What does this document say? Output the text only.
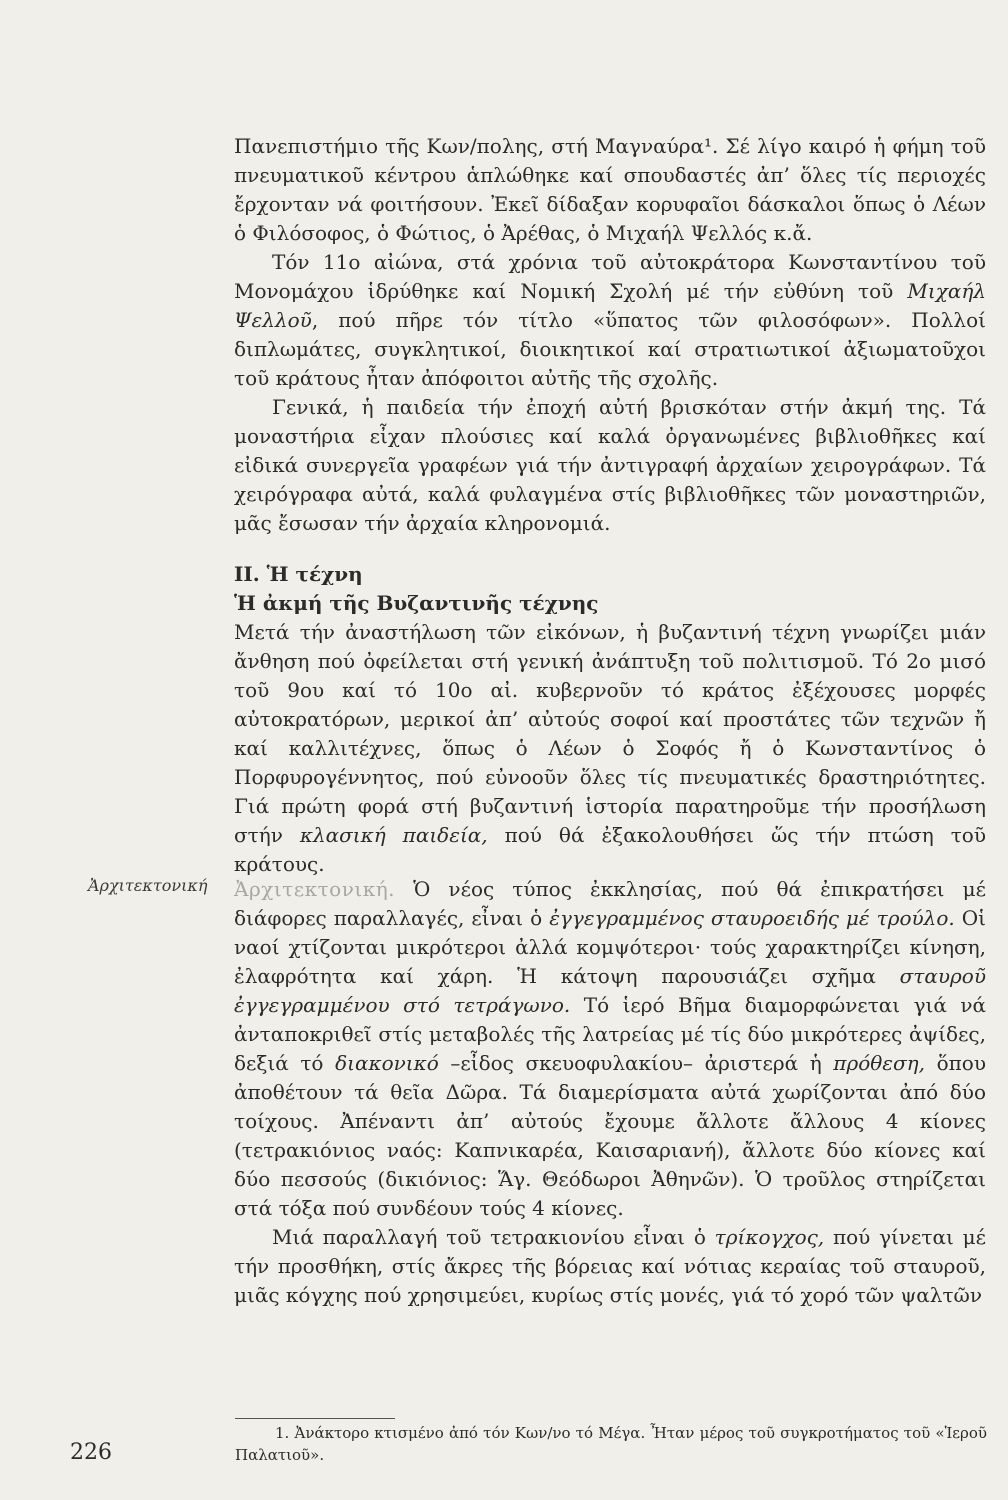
Πανεπιστήμιο τῆς Κων/πολης, στή Μαγναύρα¹. Σέ λίγο καιρό ἡ φήμη τοῦ πνευματικοῦ κέντρου ἁπλώθηκε καί σπουδαστές ἀπ’ ὅλες τίς περιοχές ἔρχονταν νά φοιτήσουν. Ἐκεῖ δίδαξαν κορυφαῖοι δάσκαλοι ὅπως ὁ Λέων ὁ Φιλόσοφος, ὁ Φώτιος, ὁ Ἀρέθας, ὁ Μιχαήλ Ψελλός κ.ἄ.

Τόν 11ο αἰώνα, στά χρόνια τοῦ αὐτοκράτορα Κωνσταντίνου τοῦ Μονομάχου ἱδρύθηκε καί Νομική Σχολή μέ τήν εὐθύνη τοῦ Μιχαήλ Ψελλοῦ, πού πῆρε τόν τίτλο «ὕπατος τῶν φιλοσόφων». Πολλοί διπλωμάτες, συγκλητικοί, διοικητικοί καί στρατιωτικοί ἀξιωματοῦχοι τοῦ κράτους ἦταν ἀπόφοιτοι αὐτῆς τῆς σχολῆς.

Γενικά, ἡ παιδεία τήν ἐποχή αὐτή βρισκόταν στήν ἀκμή της. Τά μοναστήρια εἶχαν πλούσιες καί καλά ὀργανωμένες βιβλιοθῆκες καί εἰδικά συνεργεῖα γραφέων γιά τήν ἀντιγραφή ἀρχαίων χειρογράφων. Τά χειρόγραφα αὐτά, καλά φυλαγμένα στίς βιβλιοθῆκες τῶν μοναστηριῶν, μᾶς ἔσωσαν τήν ἀρχαία κληρονομιά.

II. Ἡ τέχνη

Ἡ ἀκμή τῆς Βυζαντινῆς τέχνης

Μετά τήν ἀναστήλωση τῶν εἰκόνων, ἡ βυζαντινή τέχνη γνωρίζει μιάν ἄνθηση πού ὀφείλεται στή γενική ἀνάπτυξη τοῦ πολιτισμοῦ. Τό 2ο μισό τοῦ 9ου καί τό 10ο αἰ. κυβερνοῦν τό κράτος ἐξέχουσες μορφές αὐτοκρατόρων, μερικοί ἀπ’ αὐτούς σοφοί καί προστάτες τῶν τεχνῶν ἤ καί καλλιτέχνες, ὅπως ὁ Λέων ὁ Σοφός ἤ ὁ Κωνσταντίνος ὁ Πορφυρογέννητος, πού εὐνοοῦν ὅλες τίς πνευματικές δραστηριότητες. Γιά πρώτη φορά στή βυζαντινή ἱστορία παρατηροῦμε τήν προσήλωση στήν κλασική παιδεία, πού θά ἐξακολουθήσει ὥς τήν πτώση τοῦ κράτους.

Ἀρχιτεκτονική Ἀρχιτεκτονική. Ὁ νέος τύπος ἐκκλησίας, πού θά ἐπικρατήσει μέ διάφορες παραλλαγές, εἶναι ὁ ἐγγεγραμμένος σταυροειδής μέ τρούλο. Οἱ ναοί χτίζονται μικρότεροι ἀλλά κομψότεροι· τούς χαρακτηρίζει κίνηση, ἐλαφρότητα καί χάρη. Ἡ κάτοψη παρουσιάζει σχῆμα σταυροῦ ἐγγεγραμμένου στό τετράγωνο. Τό ἱερό Βῆμα διαμορφώνεται γιά νά ἀνταποκριθεῖ στίς μεταβολές τῆς λατρείας μέ τίς δύο μικρότερες ἀψίδες, δεξιά τό διακονικό –εἶδος σκευοφυλακίου– ἀριστερά ἡ πρόθεση, ὅπου ἀποθέτουν τά θεῖα Δῶρα. Τά διαμερίσματα αὐτά χωρίζονται ἀπό δύο τοίχους. Ἀπέναντι ἀπ’ αὐτούς ἔχουμε ἄλλοτε ἄλλους 4 κίονες (τετρακιόνιος ναός: Καπνικαρέα, Καισαριανή), ἄλλοτε δύο κίονες καί δύο πεσσούς (δικιόνιος: Ἅγ. Θεόδωροι Ἀθηνῶν). Ὁ τροῦλος στηρίζεται στά τόξα πού συνδέουν τούς 4 κίονες.

Μιά παραλλαγή τοῦ τετρακιονίου εἶναι ὁ τρίκογχος, πού γίνεται μέ τήν προσθήκη, στίς ἄκρες τῆς βόρειας καί νότιας κεραίας τοῦ σταυροῦ, μιᾶς κόγχης πού χρησιμεύει, κυρίως στίς μονές, γιά τό χορό τῶν ψαλτῶν

1. Ἀνάκτορο κτισμένο ἀπό τόν Κων/νο τό Μέγα. Ἦταν μέρος τοῦ συγκροτήματος τοῦ «Ἱεροῦ Παλατιοῦ».
226
